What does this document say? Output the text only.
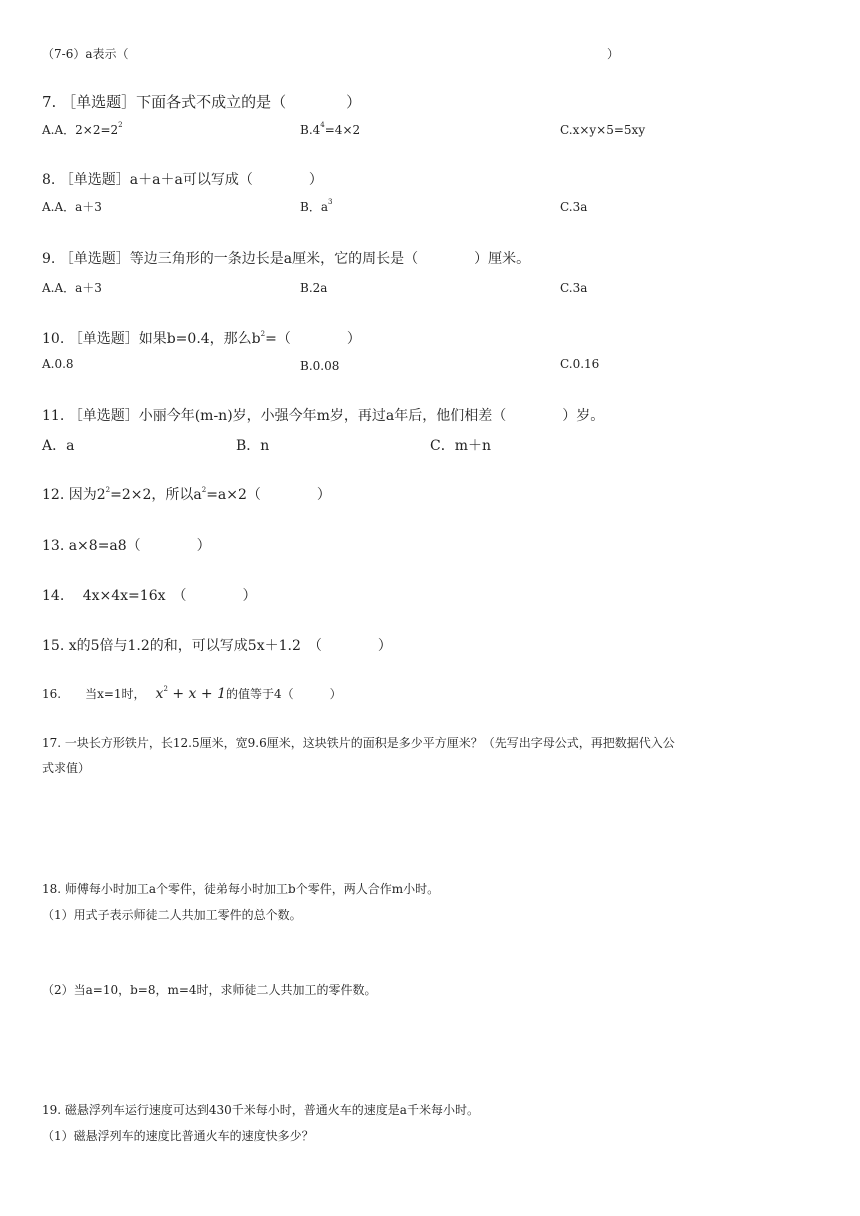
（7-6）a表示（	）
7. ［单选题］下面各式不成立的是（　　　　）
A.A．$2\times 2=2^2$	$B.4^4=4\times 2$	C.x×y×5=5xy
8. ［单选题］a＋a＋a可以写成（　　　　）
A.A．a＋3	B．$a^3$	C.3a
9. ［单选题］等边三角形的一条边长是a厘米，它的周长是（　　　　）厘米。
A.A．a＋3	B.2a	C.3a
10. ［单选题］如果b=0.4，那么$b^2=$（　　　　）
A.0.8	B.0.08	C.0.16
11. ［单选题］小丽今年(m-n)岁，小强今年m岁，再过a年后，他们相差（　　　　）岁。
A．a	B．n	C．m＋n
12. 因为$2^2=2\times 2$，所以$a^2=a\times 2$（　　　　）
13. a×8=a8（　　　　）
14.　 4x×4x=16x　（　　　　）
15. x的5倍与1.2的和，可以写成5x＋1.2　（　　　　）
16.　　当x=1时， $x^2 + x + 1$的值等于4（　　　）
17. 一块长方形铁片，长12.5厘米，宽9.6厘米，这块铁片的面积是多少平方厘米？（先写出字母公式，再把数据代入公
式求值）
18. 师傅每小时加工a个零件，徒弟每小时加工b个零件，两人合作m小时。
（1）用式子表示师徒二人共加工零件的总个数。
（2）当a=10，b=8，m=4时，求师徒二人共加工的零件数。
19. 磁悬浮列车运行速度可达到430千米每小时，普通火车的速度是a千米每小时。
（1）磁悬浮列车的速度比普通火车的速度快多少？
